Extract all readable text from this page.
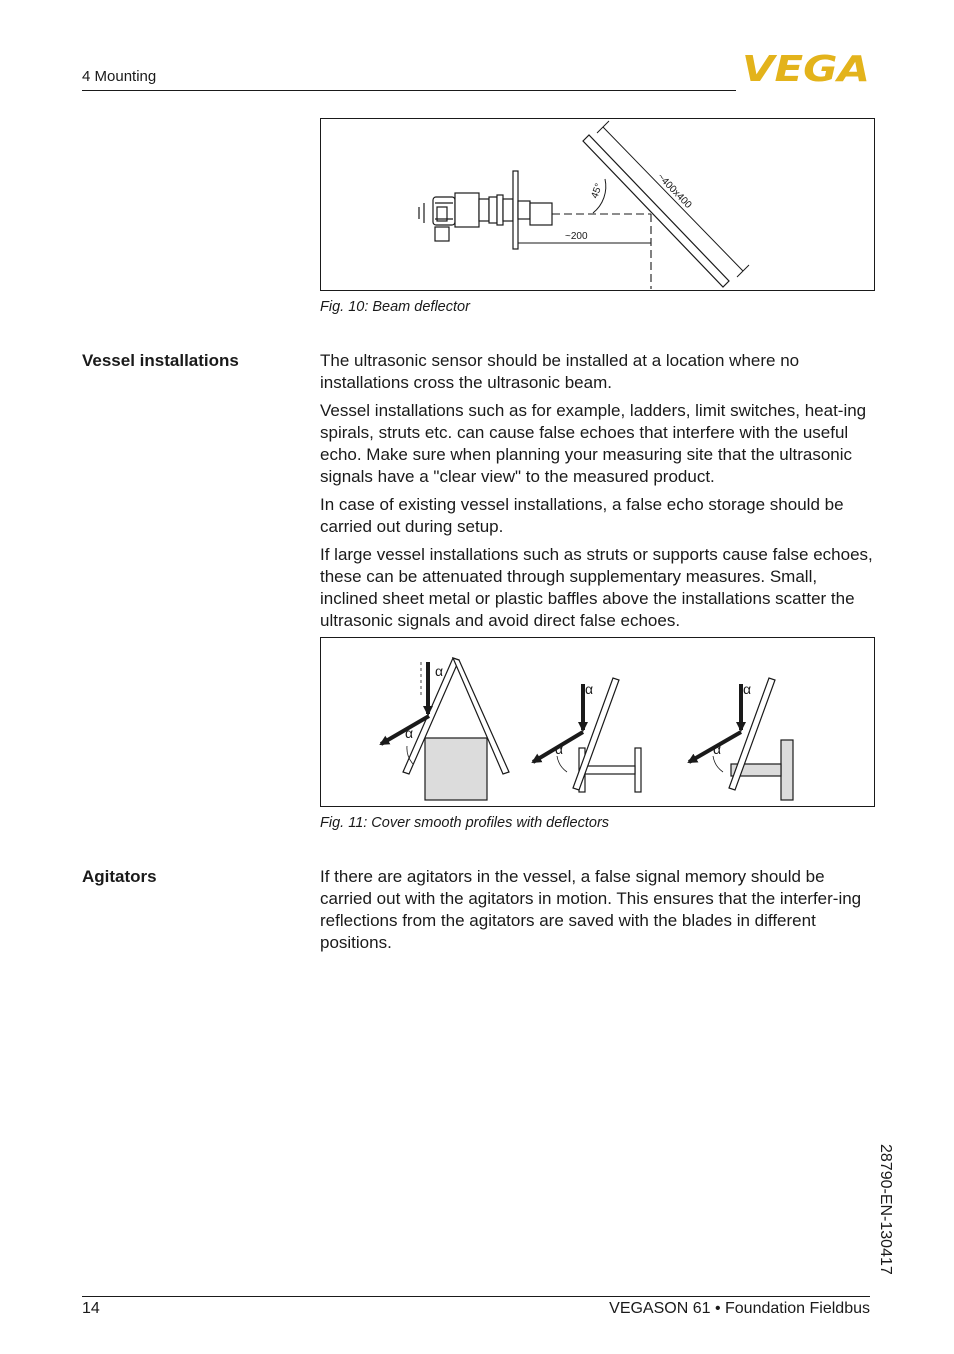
4 Mounting	VEGA
~200
~400x400
45°
Fig. 10: Beam deflector
Vessel installations	The ultrasonic sensor should be installed at a location where no installations cross the ultrasonic beam.

Vessel installations such as for example, ladders, limit switches, heat-ing spirals, struts etc. can cause false echoes that interfere with the useful echo. Make sure when planning your measuring site that the ultrasonic signals have a "clear view" to the measured product.

In case of existing vessel installations, a false echo storage should be carried out during setup.

If large vessel installations such as struts or supports cause false echoes, these can be attenuated through supplementary measures. Small, inclined sheet metal or plastic baffles above the installations scatter the ultrasonic signals and avoid direct false echoes.

α
α
α
α
α
α
Fig. 11: Cover smooth profiles with deflectors
Agitators	If there are agitators in the vessel, a false signal memory should be carried out with the agitators in motion. This ensures that the interfer-ing reflections from the agitators are saved with the blades in different positions.

28790-EN-130417
14	VEGASON 61 • Foundation Fieldbus
